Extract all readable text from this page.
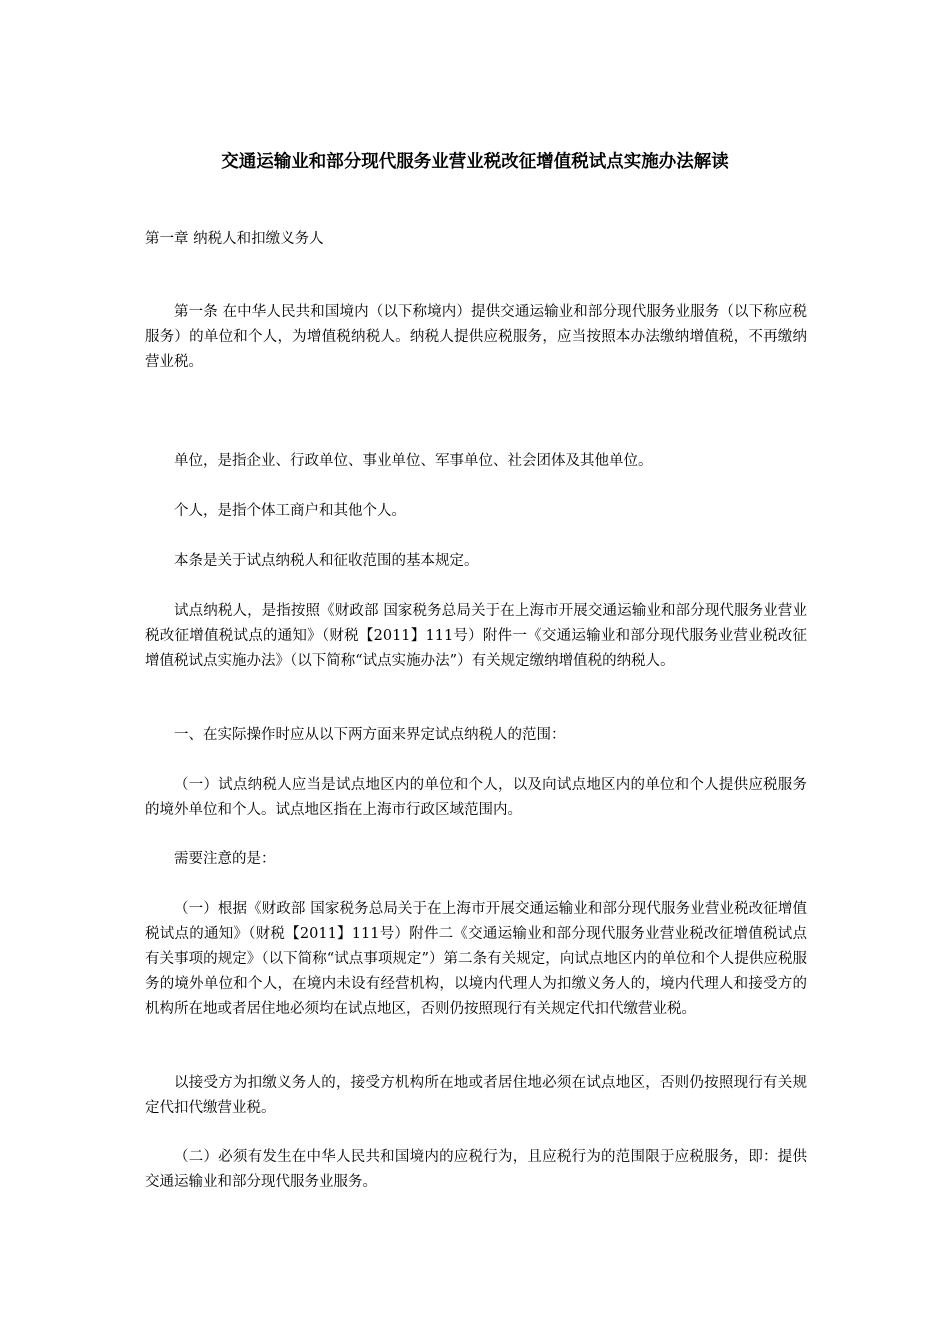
交通运输业和部分现代服务业营业税改征增值税试点实施办法解读

第一章 纳税人和扣缴义务人

第一条 在中华人民共和国境内（以下称境内）提供交通运输业和部分现代服务业服务（以下称应税服务）的单位和个人，为增值税纳税人。纳税人提供应税服务，应当按照本办法缴纳增值税，不再缴纳营业税。

单位，是指企业、行政单位、事业单位、军事单位、社会团体及其他单位。

个人，是指个体工商户和其他个人。

本条是关于试点纳税人和征收范围的基本规定。

试点纳税人，是指按照《财政部 国家税务总局关于在上海市开展交通运输业和部分现代服务业营业税改征增值税试点的通知》（财税【2011】111号）附件一《交通运输业和部分现代服务业营业税改征增值税试点实施办法》（以下简称“试点实施办法”）有关规定缴纳增值税的纳税人。

一、在实际操作时应从以下两方面来界定试点纳税人的范围：

（一）试点纳税人应当是试点地区内的单位和个人，以及向试点地区内的单位和个人提供应税服务的境外单位和个人。试点地区指在上海市行政区域范围内。

需要注意的是：

（一）根据《财政部 国家税务总局关于在上海市开展交通运输业和部分现代服务业营业税改征增值税试点的通知》（财税【2011】111号）附件二《交通运输业和部分现代服务业营业税改征增值税试点有关事项的规定》（以下简称“试点事项规定”）第二条有关规定，向试点地区内的单位和个人提供应税服务的境外单位和个人，在境内未设有经营机构，以境内代理人为扣缴义务人的，境内代理人和接受方的机构所在地或者居住地必须均在试点地区，否则仍按照现行有关规定代扣代缴营业税。

以接受方为扣缴义务人的，接受方机构所在地或者居住地必须在试点地区，否则仍按照现行有关规定代扣代缴营业税。

（二）必须有发生在中华人民共和国境内的应税行为，且应税行为的范围限于应税服务，即：提供交通运输业和部分现代服务业服务。
